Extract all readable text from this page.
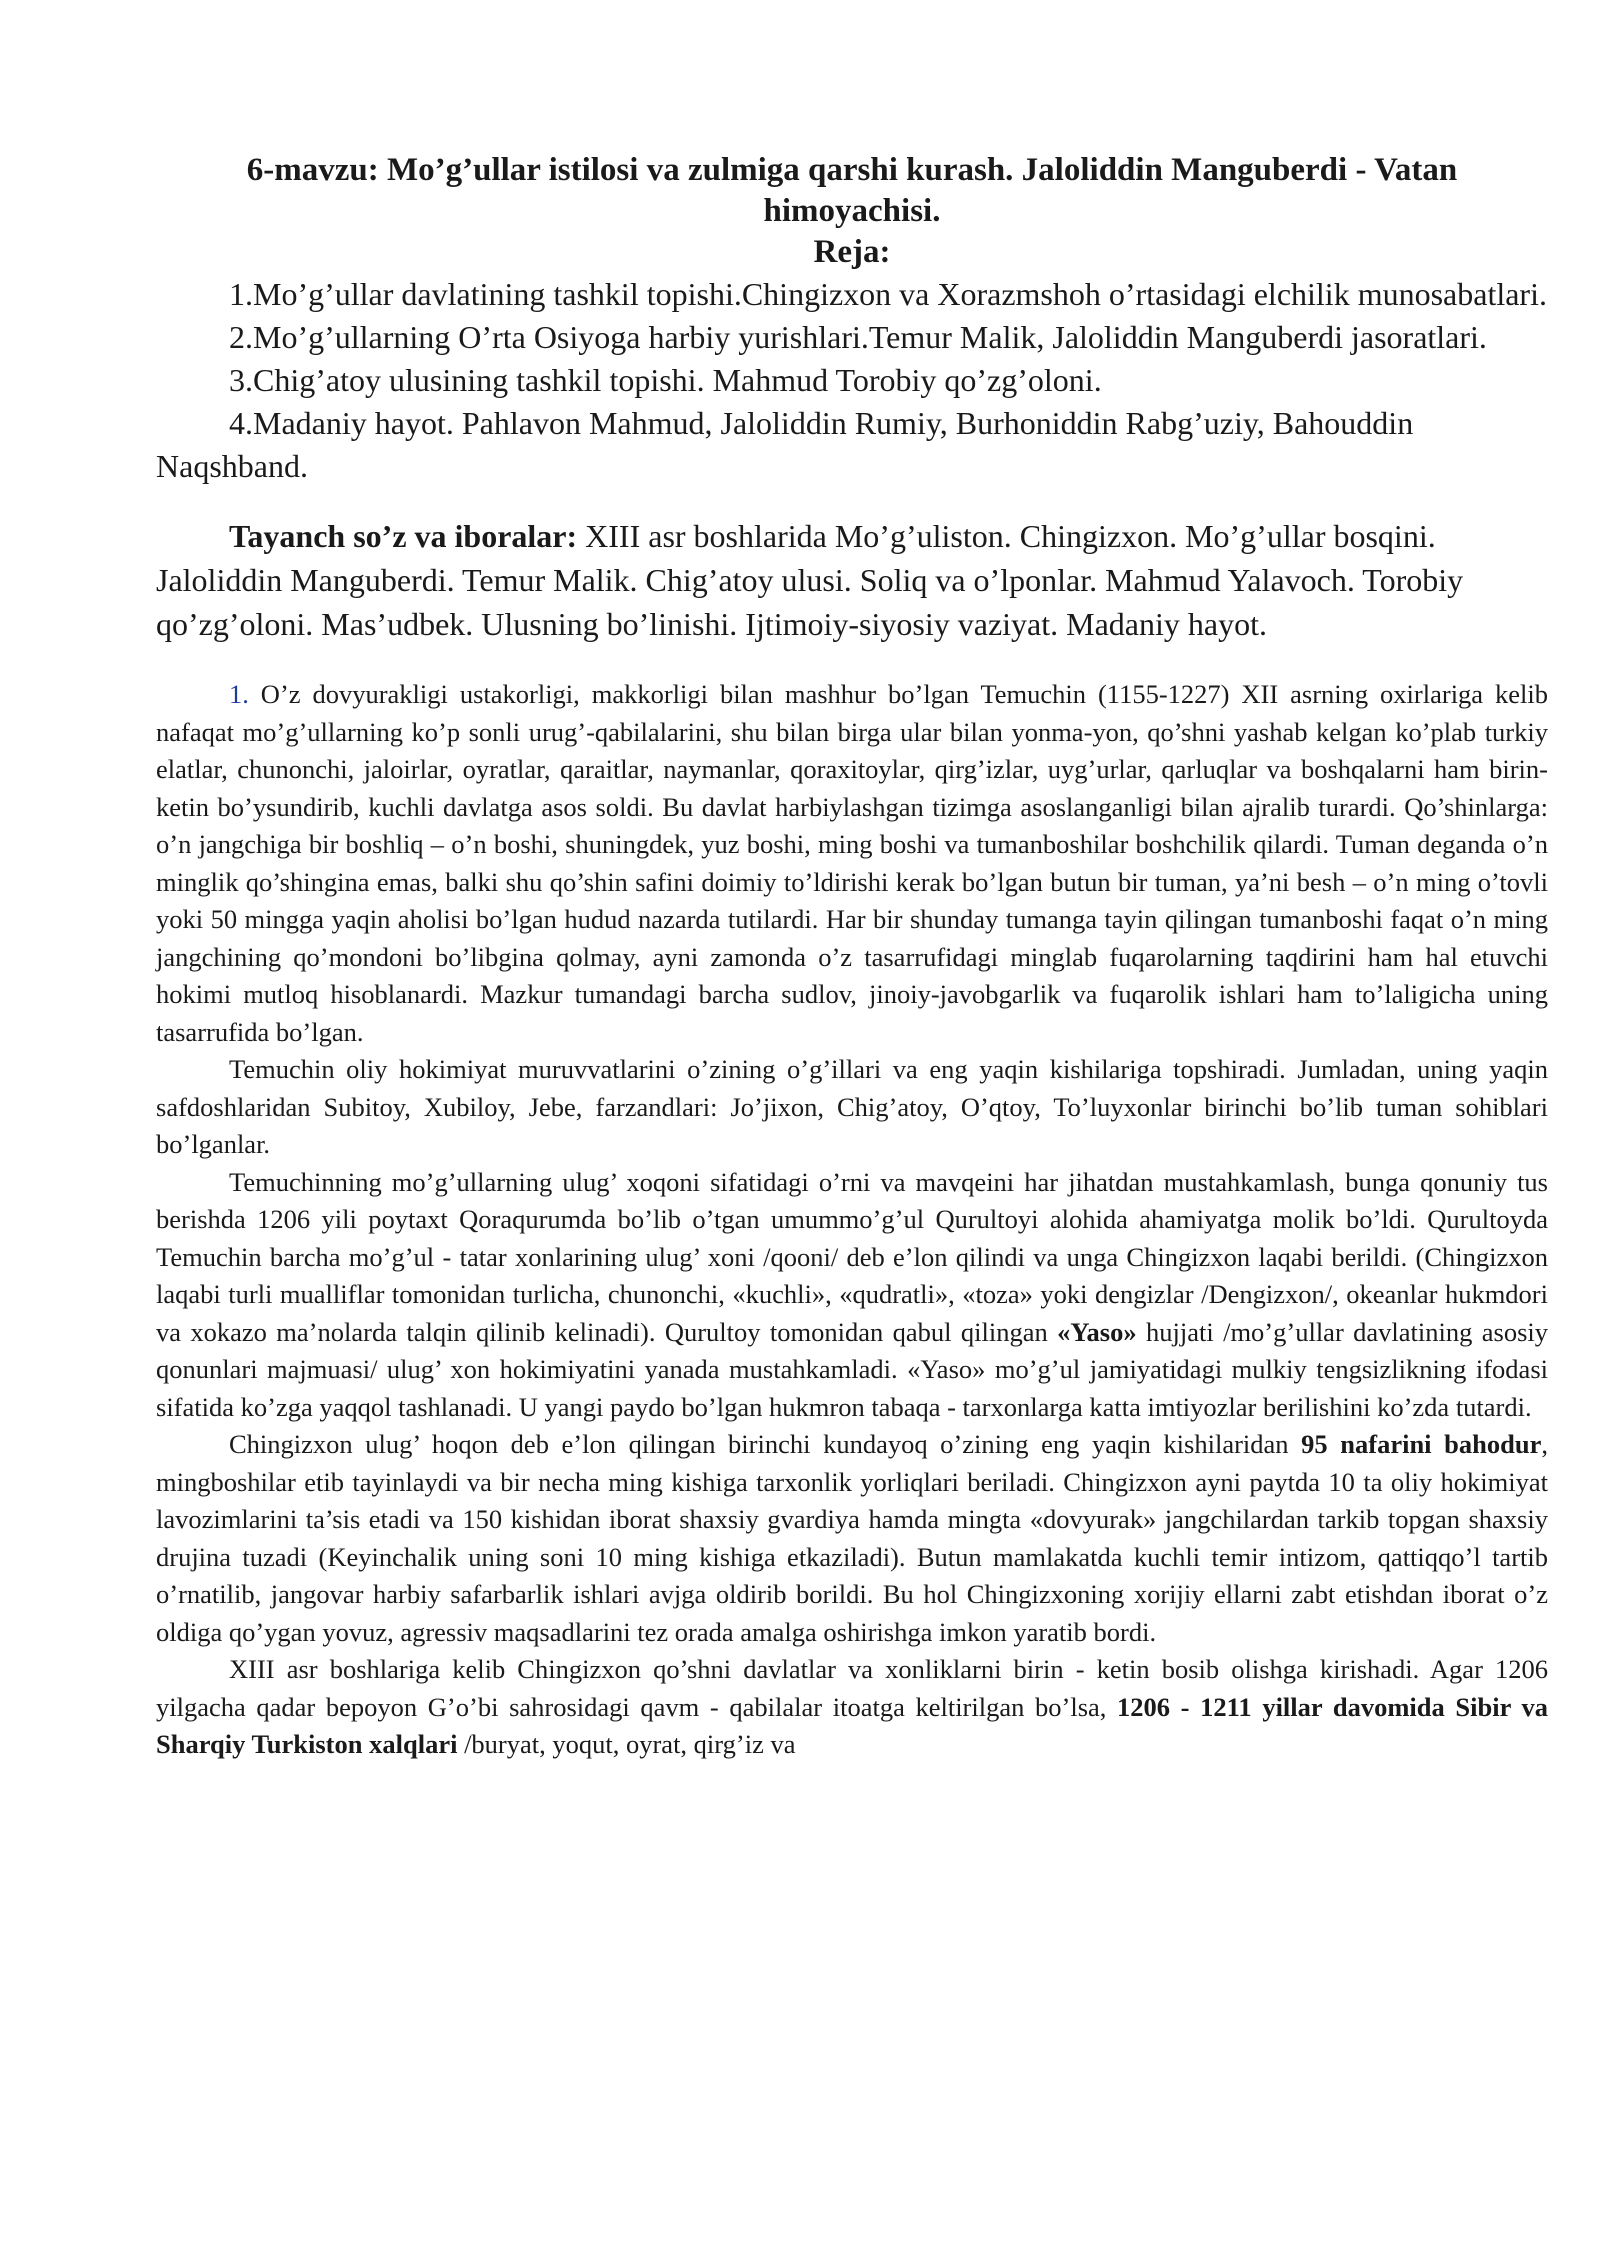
6-mavzu: Mo’g’ullar istilosi va zulmiga qarshi kurash. Jaloliddin Manguberdi - Vatan himoyachisi.

Reja:

1.Mo’g’ullar davlatining tashkil topishi.Chingizxon va Xorazmshoh o’rtasidagi elchilik munosabatlari.

2.Mo’g’ullarning O’rta Osiyoga harbiy yurishlari.Temur Malik, Jaloliddin Manguberdi jasoratlari.

3.Chig’atoy ulusining tashkil topishi. Mahmud Torobiy qo’zg’oloni.

4.Madaniy hayot. Pahlavon Mahmud, Jaloliddin Rumiy, Burhoniddin Rabg’uziy, Bahouddin Naqshband.

Tayanch so’z va iboralar: XIII asr boshlarida Mo’g’uliston. Chingizxon. Mo’g’ullar bosqini. Jaloliddin Manguberdi. Temur Malik. Chig’atoy ulusi. Soliq va o’lponlar. Mahmud Yalavoch. Torobiy qo’zg’oloni. Mas’udbek. Ulusning bo’linishi. Ijtimoiy-siyosiy vaziyat. Madaniy hayot.

1. O’z dovyurakligi ustakorligi, makkorligi bilan mashhur bo’lgan Temuchin (1155-1227) XII asrning oxirlariga kelib nafaqat mo’g’ullarning ko’p sonli urug’-qabilalarini, shu bilan birga ular bilan yonma-yon, qo’shni yashab kelgan ko’plab turkiy elatlar, chunonchi, jaloirlar, oyratlar, qaraitlar, naymanlar, qoraxitoylar, qirg’izlar, uyg’urlar, qarluqlar va boshqalarni ham birin-ketin bo’ysundirib, kuchli davlatga asos soldi. Bu davlat harbiylashgan tizimga asoslanganligi bilan ajralib turardi. Qo’shinlarga: o’n jangchiga bir boshliq – o’n boshi, shuningdek, yuz boshi, ming boshi va tumanboshilar boshchilik qilardi. Tuman deganda o’n minglik qo’shingina emas, balki shu qo’shin safini doimiy to’ldirishi kerak bo’lgan butun bir tuman, ya’ni besh – o’n ming o’tovli yoki 50 mingga yaqin aholisi bo’lgan hudud nazarda tutilardi. Har bir shunday tumanga tayin qilingan tumanboshi faqat o’n ming jangchining qo’mondoni bo’libgina qolmay, ayni zamonda o’z tasarrufidagi minglab fuqarolarning taqdirini ham hal etuvchi hokimi mutloq hisoblanardi. Mazkur tumandagi barcha sudlov, jinoiy-javobgarlik va fuqarolik ishlari ham to’laligicha uning tasarrufida bo’lgan.

Temuchin oliy hokimiyat muruvvatlarini o’zining o’g’illari va eng yaqin kishilariga topshiradi. Jumladan, uning yaqin safdoshlaridan Subitoy, Xubiloy, Jebe, farzandlari: Jo’jixon, Chig’atoy, O’qtoy, To’luyxonlar birinchi bo’lib tuman sohiblari bo’lganlar.

Temuchinning mo’g’ullarning ulug’ xoqoni sifatidagi o’rni va mavqeini har jihatdan mustahkamlash, bunga qonuniy tus berishda 1206 yili poytaxt Qoraqurumda bo’lib o’tgan umummo’g’ul Qurultoyi alohida ahamiyatga molik bo’ldi. Qurultoyda Temuchin barcha mo’g’ul - tatar xonlarining ulug’ xoni /qooni/ deb e’lon qilindi va unga Chingizxon laqabi berildi. (Chingizxon laqabi turli mualliflar tomonidan turlicha, chunonchi, «kuchli», «qudratli», «toza» yoki dengizlar /Dengizxon/, okeanlar hukmdori va xokazo ma’nolarda talqin qilinib kelinadi). Qurultoy tomonidan qabul qilingan «Yaso» hujjati /mo’g’ullar davlatining asosiy qonunlari majmuasi/ ulug’ xon hokimiyatini yanada mustahkamladi. «Yaso» mo’g’ul jamiyatidagi mulkiy tengsizlikning ifodasi sifatida ko’zga yaqqol tashlanadi. U yangi paydo bo’lgan hukmron tabaqa - tarxonlarga katta imtiyozlar berilishini ko’zda tutardi.

Chingizxon ulug’ hoqon deb e’lon qilingan birinchi kundayoq o’zining eng yaqin kishilaridan 95 nafarini bahodur, mingboshilar etib tayinlaydi va bir necha ming kishiga tarxonlik yorliqlari beriladi. Chingizxon ayni paytda 10 ta oliy hokimiyat lavozimlarini ta’sis etadi va 150 kishidan iborat shaxsiy gvardiya hamda mingta «dovyurak» jangchilardan tarkib topgan shaxsiy drujina tuzadi (Keyinchalik uning soni 10 ming kishiga etkaziladi). Butun mamlakatda kuchli temir intizom, qattiqqo’l tartib o’rnatilib, jangovar harbiy safarbarlik ishlari avjga oldirib borildi. Bu hol Chingizxoning xorijiy ellarni zabt etishdan iborat o’z oldiga qo’ygan yovuz, agressiv maqsadlarini tez orada amalga oshirishga imkon yaratib bordi.

XIII asr boshlariga kelib Chingizxon qo’shni davlatlar va xonliklarni birin - ketin bosib olishga kirishadi. Agar 1206 yilgacha qadar bepoyon G’o’bi sahrosidagi qavm - qabilalar itoatga keltirilgan bo’lsa, 1206 - 1211 yillar davomida Sibir va Sharqiy Turkiston xalqlari /buryat, yoqut, oyrat, qirg’iz va
